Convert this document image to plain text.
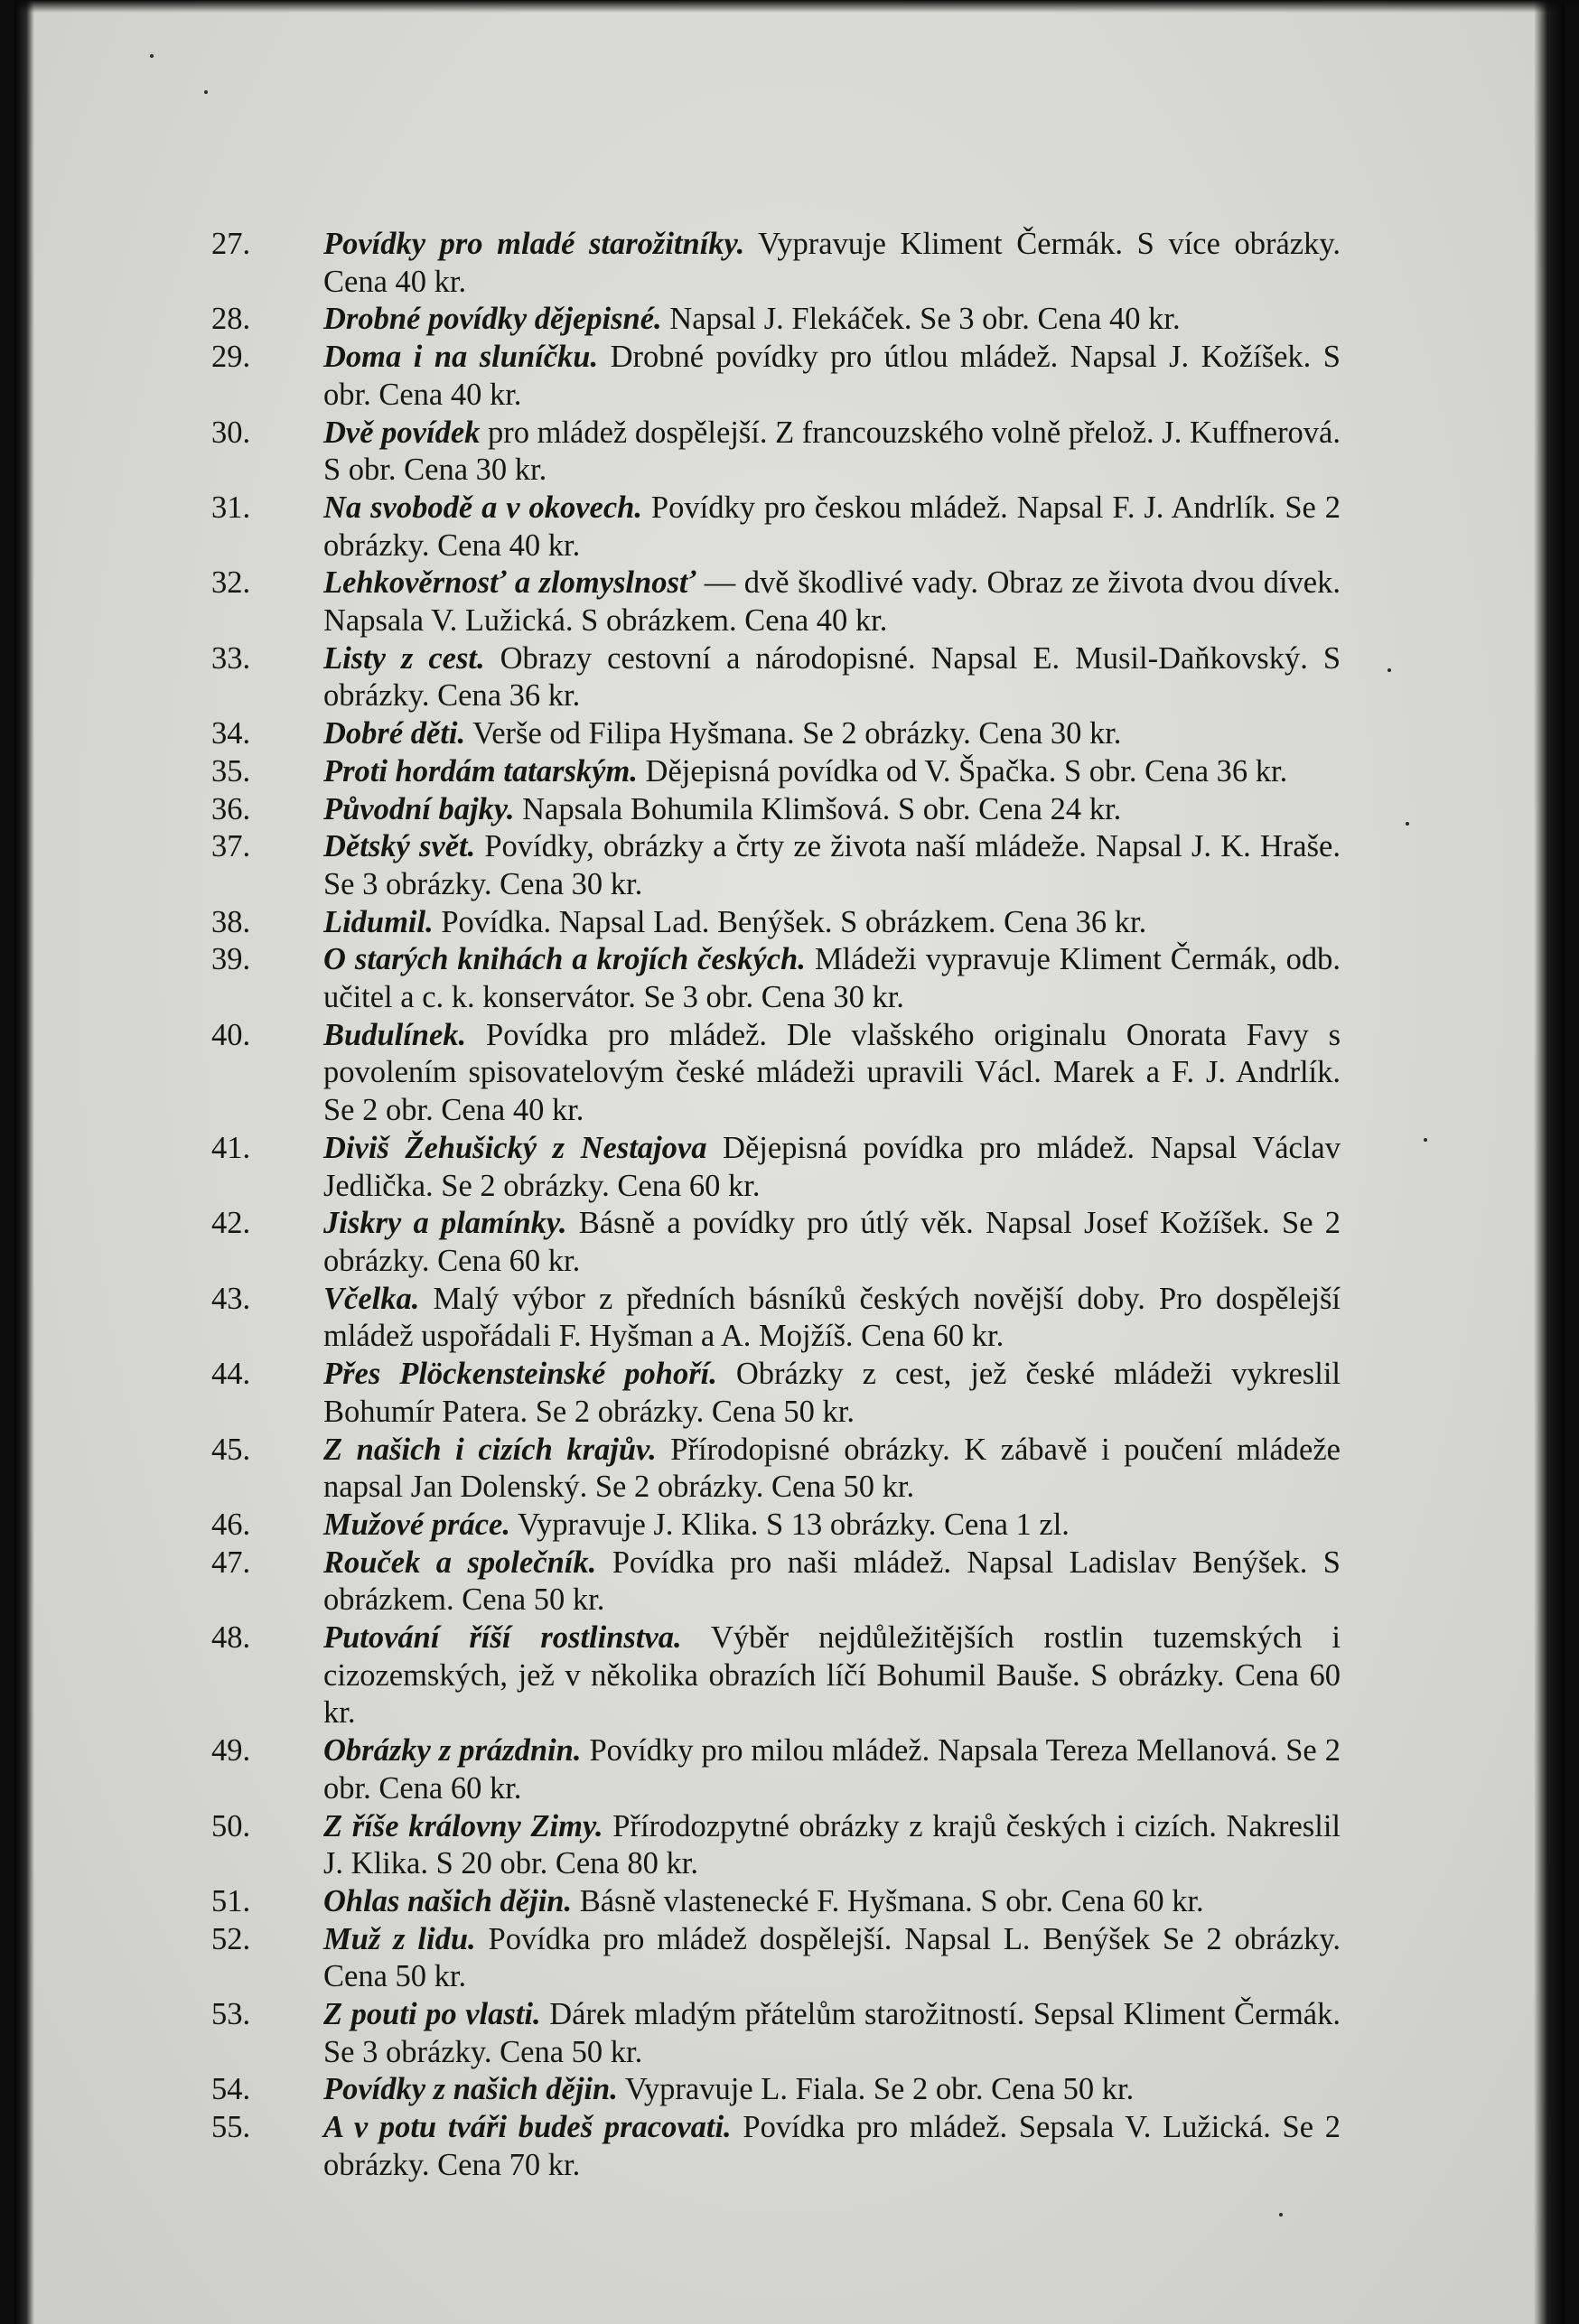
27.	Povídky pro mladé starožitníky. Vypravuje Kliment Čermák. S více obrázky. Cena 40 kr.
28.	Drobné povídky dějepisné. Napsal J. Flekáček. Se 3 obr. Cena 40 kr.
29.	Doma i na sluníčku. Drobné povídky pro útlou mládež. Napsal J. Kožíšek. S obr. Cena 40 kr.
30.	Dvě povídek pro mládež dospělejší. Z francouzského volně přelož. J. Kuffnerová. S obr. Cena 30 kr.
31.	Na svobodě a v okovech. Povídky pro českou mládež. Napsal F. J. Andrlík. Se 2 obrázky. Cena 40 kr.
32.	Lehkověrnosť a zlomyslnosť — dvě škodlivé vady. Obraz ze života dvou dívek. Napsala V. Lužická. S obrázkem. Cena 40 kr.
33.	Listy z cest. Obrazy cestovní a národopisné. Napsal E. Musil-Daňkovský. S obrázky. Cena 36 kr.
34.	Dobré děti. Verše od Filipa Hyšmana. Se 2 obrázky. Cena 30 kr.
35.	Proti hordám tatarským. Dějepisná povídka od V. Špačka. S obr. Cena 36 kr.
36.	Původní bajky. Napsala Bohumila Klimšová. S obr. Cena 24 kr.
37.	Dětský svět. Povídky, obrázky a črty ze života naší mládeže. Napsal J. K. Hraše. Se 3 obrázky. Cena 30 kr.
38.	Lidumil. Povídka. Napsal Lad. Benýšek. S obrázkem. Cena 36 kr.
39.	O starých knihách a krojích českých. Mládeži vypravuje Kliment Čermák, odb. učitel a c. k. konservátor. Se 3 obr. Cena 30 kr.
40.	Budulínek. Povídka pro mládež. Dle vlašského originalu Onorata Favy s povolením spisovatelovým české mládeži upravili Václ. Marek a F. J. Andrlík. Se 2 obr. Cena 40 kr.
41.	Diviš Žehušický z Nestajova Dějepisná povídka pro mládež. Napsal Václav Jedlička. Se 2 obrázky. Cena 60 kr.
42.	Jiskry a plamínky. Básně a povídky pro útlý věk. Napsal Josef Kožíšek. Se 2 obrázky. Cena 60 kr.
43.	Včelka. Malý výbor z předních básníků českých novější doby. Pro dospělejší mládež uspořádali F. Hyšman a A. Mojžíš. Cena 60 kr.
44.	Přes Plöckensteinské pohoří. Obrázky z cest, jež české mládeži vykreslil Bohumír Patera. Se 2 obrázky. Cena 50 kr.
45.	Z našich i cizích krajův. Přírodopisné obrázky. K zábavě i poučení mládeže napsal Jan Dolenský. Se 2 obrázky. Cena 50 kr.
46.	Mužové práce. Vypravuje J. Klika. S 13 obrázky. Cena 1 zl.
47.	Rouček a společník. Povídka pro naši mládež. Napsal Ladislav Benýšek. S obrázkem. Cena 50 kr.
48.	Putování říší rostlinstva. Výběr nejdůležitějších rostlin tuzemských i cizozemských, jež v několika obrazích líčí Bohumil Bauše. S obrázky. Cena 60 kr.
49.	Obrázky z prázdnin. Povídky pro milou mládež. Napsala Tereza Mellanová. Se 2 obr. Cena 60 kr.
50.	Z říše královny Zimy. Přírodozpytné obrázky z krajů českých i cizích. Nakreslil J. Klika. S 20 obr. Cena 80 kr.
51.	Ohlas našich dějin. Básně vlastenecké F. Hyšmana. S obr. Cena 60 kr.
52.	Muž z lidu. Povídka pro mládež dospělejší. Napsal L. Benýšek Se 2 obrázky. Cena 50 kr.
53.	Z pouti po vlasti. Dárek mladým přátelům starožitností. Sepsal Kliment Čermák. Se 3 obrázky. Cena 50 kr.
54.	Povídky z našich dějin. Vypravuje L. Fiala. Se 2 obr. Cena 50 kr.
55.	A v potu tváři budeš pracovati. Povídka pro mládež. Sepsala V. Lužická. Se 2 obrázky. Cena 70 kr.
